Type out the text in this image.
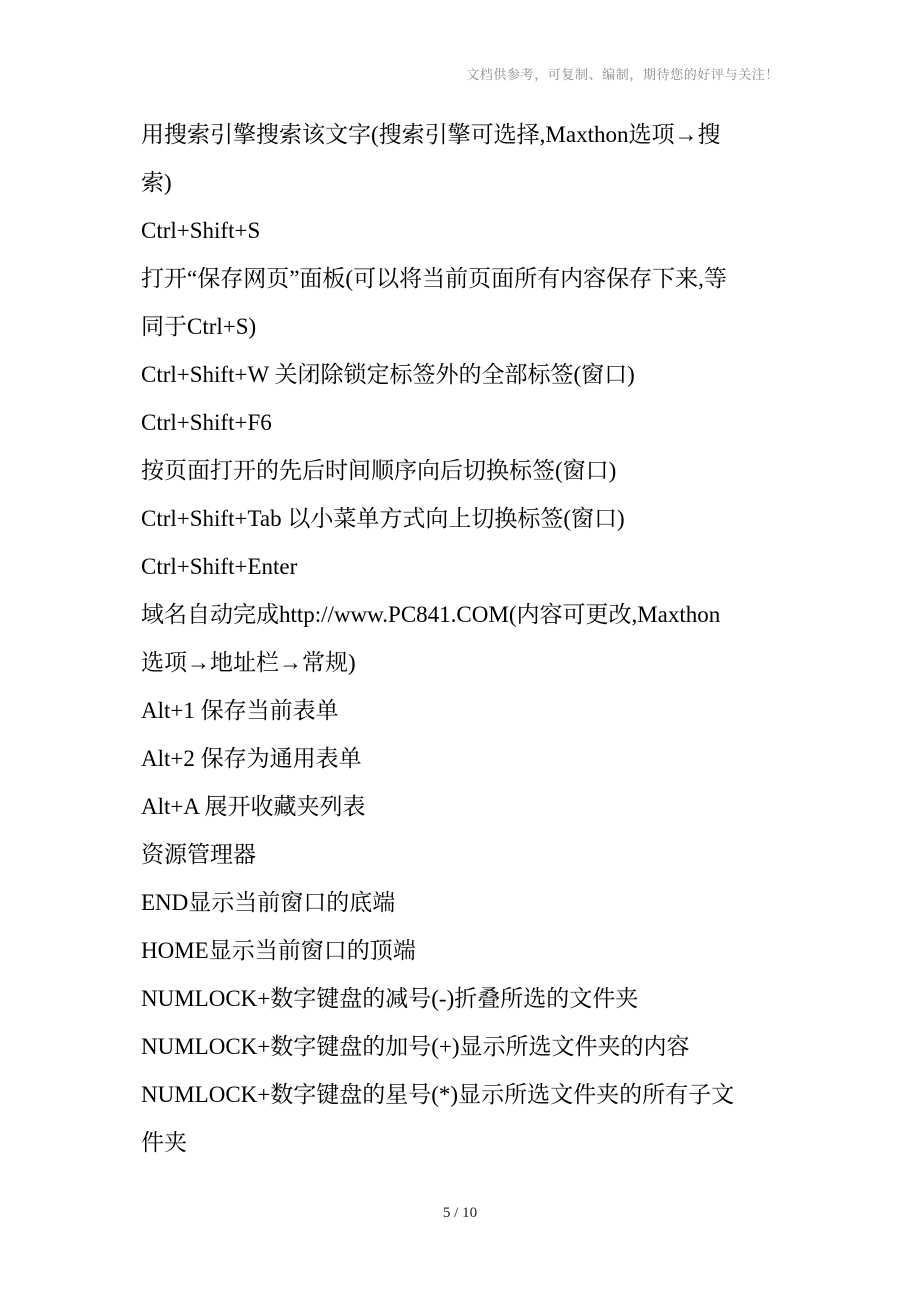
文档供参考，可复制、编制，期待您的好评与关注！
用搜索引擎搜索该文字(搜索引擎可选择,Maxthon选项→搜
索)
Ctrl+Shift+S
打开“保存网页”面板(可以将当前页面所有内容保存下来,等
同于Ctrl+S)
Ctrl+Shift+W 关闭除锁定标签外的全部标签(窗口)
Ctrl+Shift+F6
按页面打开的先后时间顺序向后切换标签(窗口)
Ctrl+Shift+Tab 以小菜单方式向上切换标签(窗口)
Ctrl+Shift+Enter
域名自动完成http://www.PC841.COM(内容可更改,Maxthon
选项→地址栏→常规)
Alt+1 保存当前表单
Alt+2 保存为通用表单
Alt+A 展开收藏夹列表
资源管理器
END显示当前窗口的底端
HOME显示当前窗口的顶端
NUMLOCK+数字键盘的减号(-)折叠所选的文件夹
NUMLOCK+数字键盘的加号(+)显示所选文件夹的内容
NUMLOCK+数字键盘的星号(*)显示所选文件夹的所有子文
件夹
5 / 10
